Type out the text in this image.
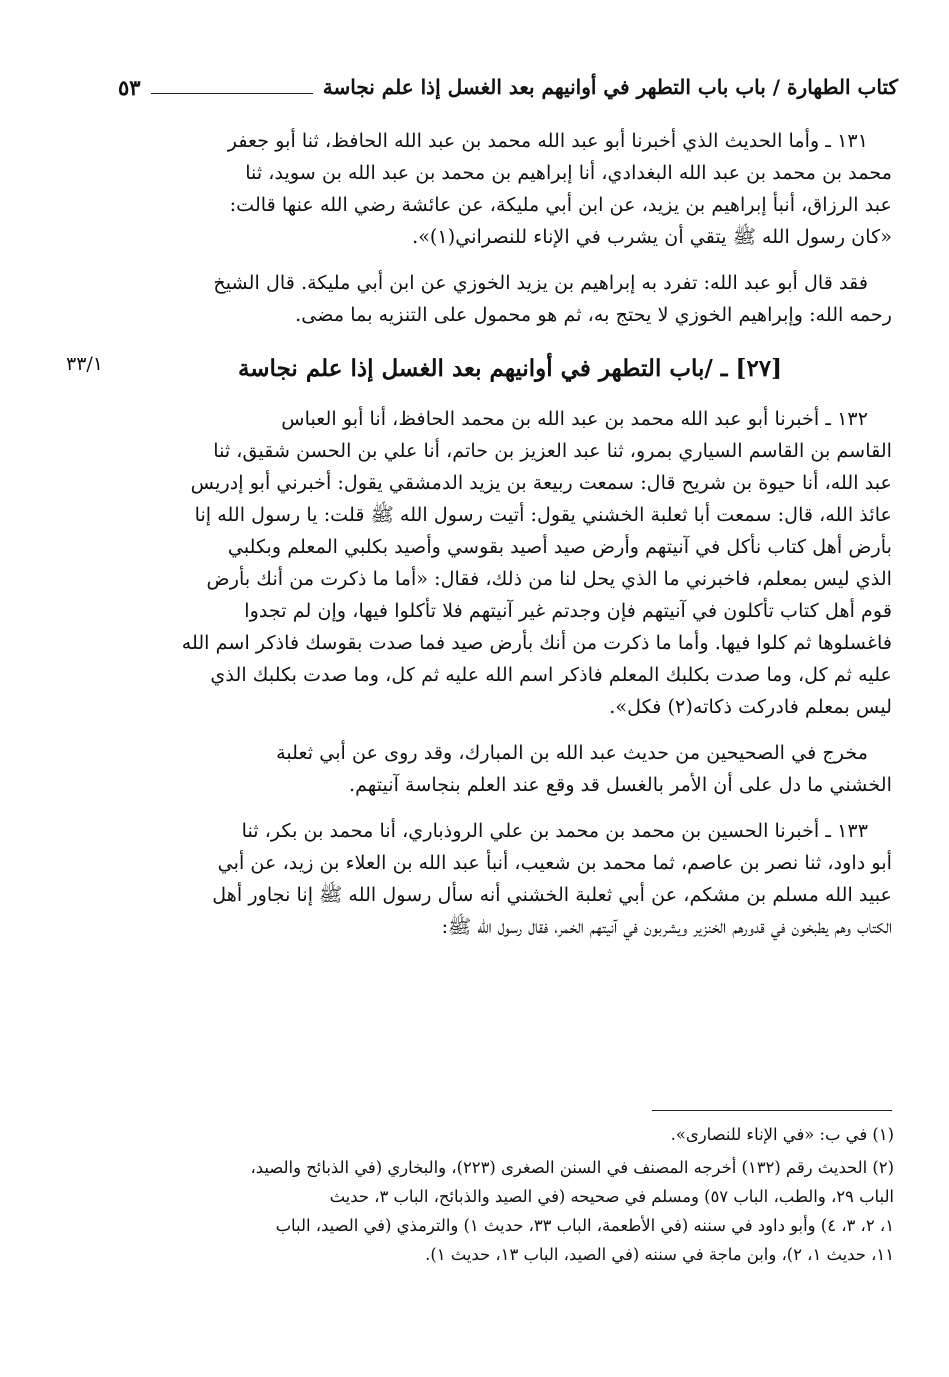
كتاب الطهارة / باب باب التطهر في أوانيهم بعد الغسل إذا علم نجاسة
٥٣

١٣١ ـ وأما الحديث الذي أخبرنا أبو عبد الله محمد بن عبد الله الحافظ، ثنا أبو جعفر
محمد بن محمد بن عبد الله البغدادي، أنا إبراهيم بن محمد بن عبد الله بن سويد، ثنا
عبد الرزاق، أنبأ إبراهيم بن يزيد، عن ابن أبي مليكة، عن عائشة رضي الله عنها قالت:
«كان رسول الله ﷺ يتقي أن يشرب في الإناء للنصراني(١)».

فقد قال أبو عبد الله: تفرد به إبراهيم بن يزيد الخوزي عن ابن أبي مليكة. قال الشيخ
رحمه الله: وإبراهيم الخوزي لا يحتج به، ثم هو محمول على التنزيه بما مضى.

[٢٧] ـ /باب التطهر في أوانيهم بعد الغسل إذا علم نجاسة
٣٣/١

١٣٢ ـ أخبرنا أبو عبد الله محمد بن عبد الله بن محمد الحافظ، أنا أبو العباس
القاسم بن القاسم السياري بمرو، ثنا عبد العزيز بن حاتم، أنا علي بن الحسن شقيق، ثنا
عبد الله، أنا حيوة بن شريح قال: سمعت ربيعة بن يزيد الدمشقي يقول: أخبرني أبو إدريس
عائذ الله، قال: سمعت أبا ثعلبة الخشني يقول: أتيت رسول الله ﷺ قلت: يا رسول الله إنا
بأرض أهل كتاب نأكل في آنيتهم وأرض صيد أصيد بقوسي وأصيد بكلبي المعلم وبكلبي
الذي ليس بمعلم، فاخبرني ما الذي يحل لنا من ذلك، فقال: «أما ما ذكرت من أنك بأرض
قوم أهل كتاب تأكلون في آنيتهم فإن وجدتم غير آنيتهم فلا تأكلوا فيها، وإن لم تجدوا
فاغسلوها ثم كلوا فيها. وأما ما ذكرت من أنك بأرض صيد فما صدت بقوسك فاذكر اسم الله
عليه ثم كل، وما صدت بكلبك المعلم فاذكر اسم الله عليه ثم كل، وما صدت بكلبك الذي
ليس بمعلم فادركت ذكاته(٢) فكل».

مخرج في الصحيحين من حديث عبد الله بن المبارك، وقد روى عن أبي ثعلبة
الخشني ما دل على أن الأمر بالغسل قد وقع عند العلم بنجاسة آنيتهم.

١٣٣ ـ أخبرنا الحسين بن محمد بن محمد بن علي الروذباري، أنا محمد بن بكر، ثنا
أبو داود، ثنا نصر بن عاصم، ثما محمد بن شعيب، أنبأ عبد الله بن العلاء بن زيد، عن أبي
عبيد الله مسلم بن مشكم، عن أبي ثعلبة الخشني أنه سأل رسول الله ﷺ إنا نجاور أهل
الكتاب وهم يطبخون في قدورهم الخنزير ويشربون في آنيتهم الخمر، فقال رسول الله ﷺ:

(١) في ب: «في الإناء للنصارى».

(٢) الحديث رقم (١٣٢) أخرجه المصنف في السنن الصغرى (٢٢٣)، والبخاري (في الذبائح والصيد،
الباب ٢٩، والطب، الباب ٥٧) ومسلم في صحيحه (في الصيد والذبائح، الباب ٣، حديث
١، ٢، ٣، ٤) وأبو داود في سننه (في الأطعمة، الباب ٣٣، حديث ١) والترمذي (في الصيد، الباب
١١، حديث ١، ٢)، وابن ماجة في سننه (في الصيد، الباب ١٣، حديث ١).
